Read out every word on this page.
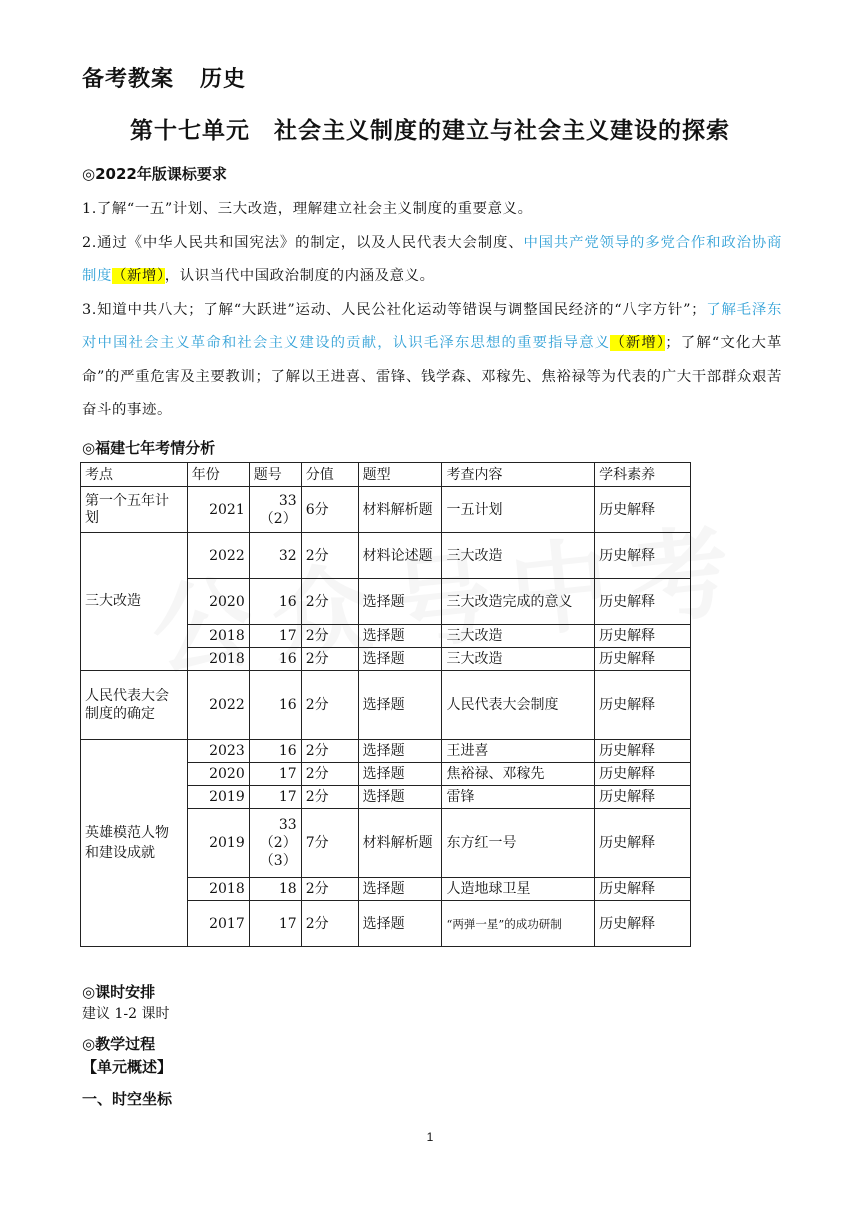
备考教案 历史
第十七单元　社会主义制度的建立与社会主义建设的探索
◎2022年版课标要求

1.了解“一五”计划、三大改造，理解建立社会主义制度的重要意义。

2.通过《中华人民共和国宪法》的制定，以及人民代表大会制度、中国共产党领导的多党合作和政治协商制度（新增），认识当代中国政治制度的内涵及意义。

3.知道中共八大；了解“大跃进”运动、人民公社化运动等错误与调整国民经济的“八字方针”；了解毛泽东对中国社会主义革命和社会主义建设的贡献，认识毛泽东思想的重要指导意义（新增）；了解“文化大革命”的严重危害及主要教训；了解以王进喜、雷锋、钱学森、邓稼先、焦裕禄等为代表的广大干部群众艰苦奋斗的事迹。

◎福建七年考情分析
考点	年份	题号	分值	题型	考查内容	学科素养
第一个五年计划	2021	33（2）	6分	材料解析题	一五计划	历史解释
三大改造	2022	32	2分	材料论述题	三大改造	历史解释
	2020	16	2分	选择题	三大改造完成的意义	历史解释
	2018	17	2分	选择题	三大改造	历史解释
	2018	16	2分	选择题	三大改造	历史解释
人民代表大会制度的确定	2022	16	2分	选择题	人民代表大会制度	历史解释
英雄模范人物和建设成就	2023	16	2分	选择题	王进喜	历史解释
	2020	17	2分	选择题	焦裕禄、邓稼先	历史解释
	2019	17	2分	选择题	雷锋	历史解释
	2019	33（2）（3）	7分	材料解析题	东方红一号	历史解释
	2018	18	2分	选择题	人造地球卫星	历史解释
	2017	17	2分	选择题	“两弹一星”的成功研制	历史解释
◎课时安排
建议 1-2 课时
◎教学过程
【单元概述】
一、时空坐标
1
